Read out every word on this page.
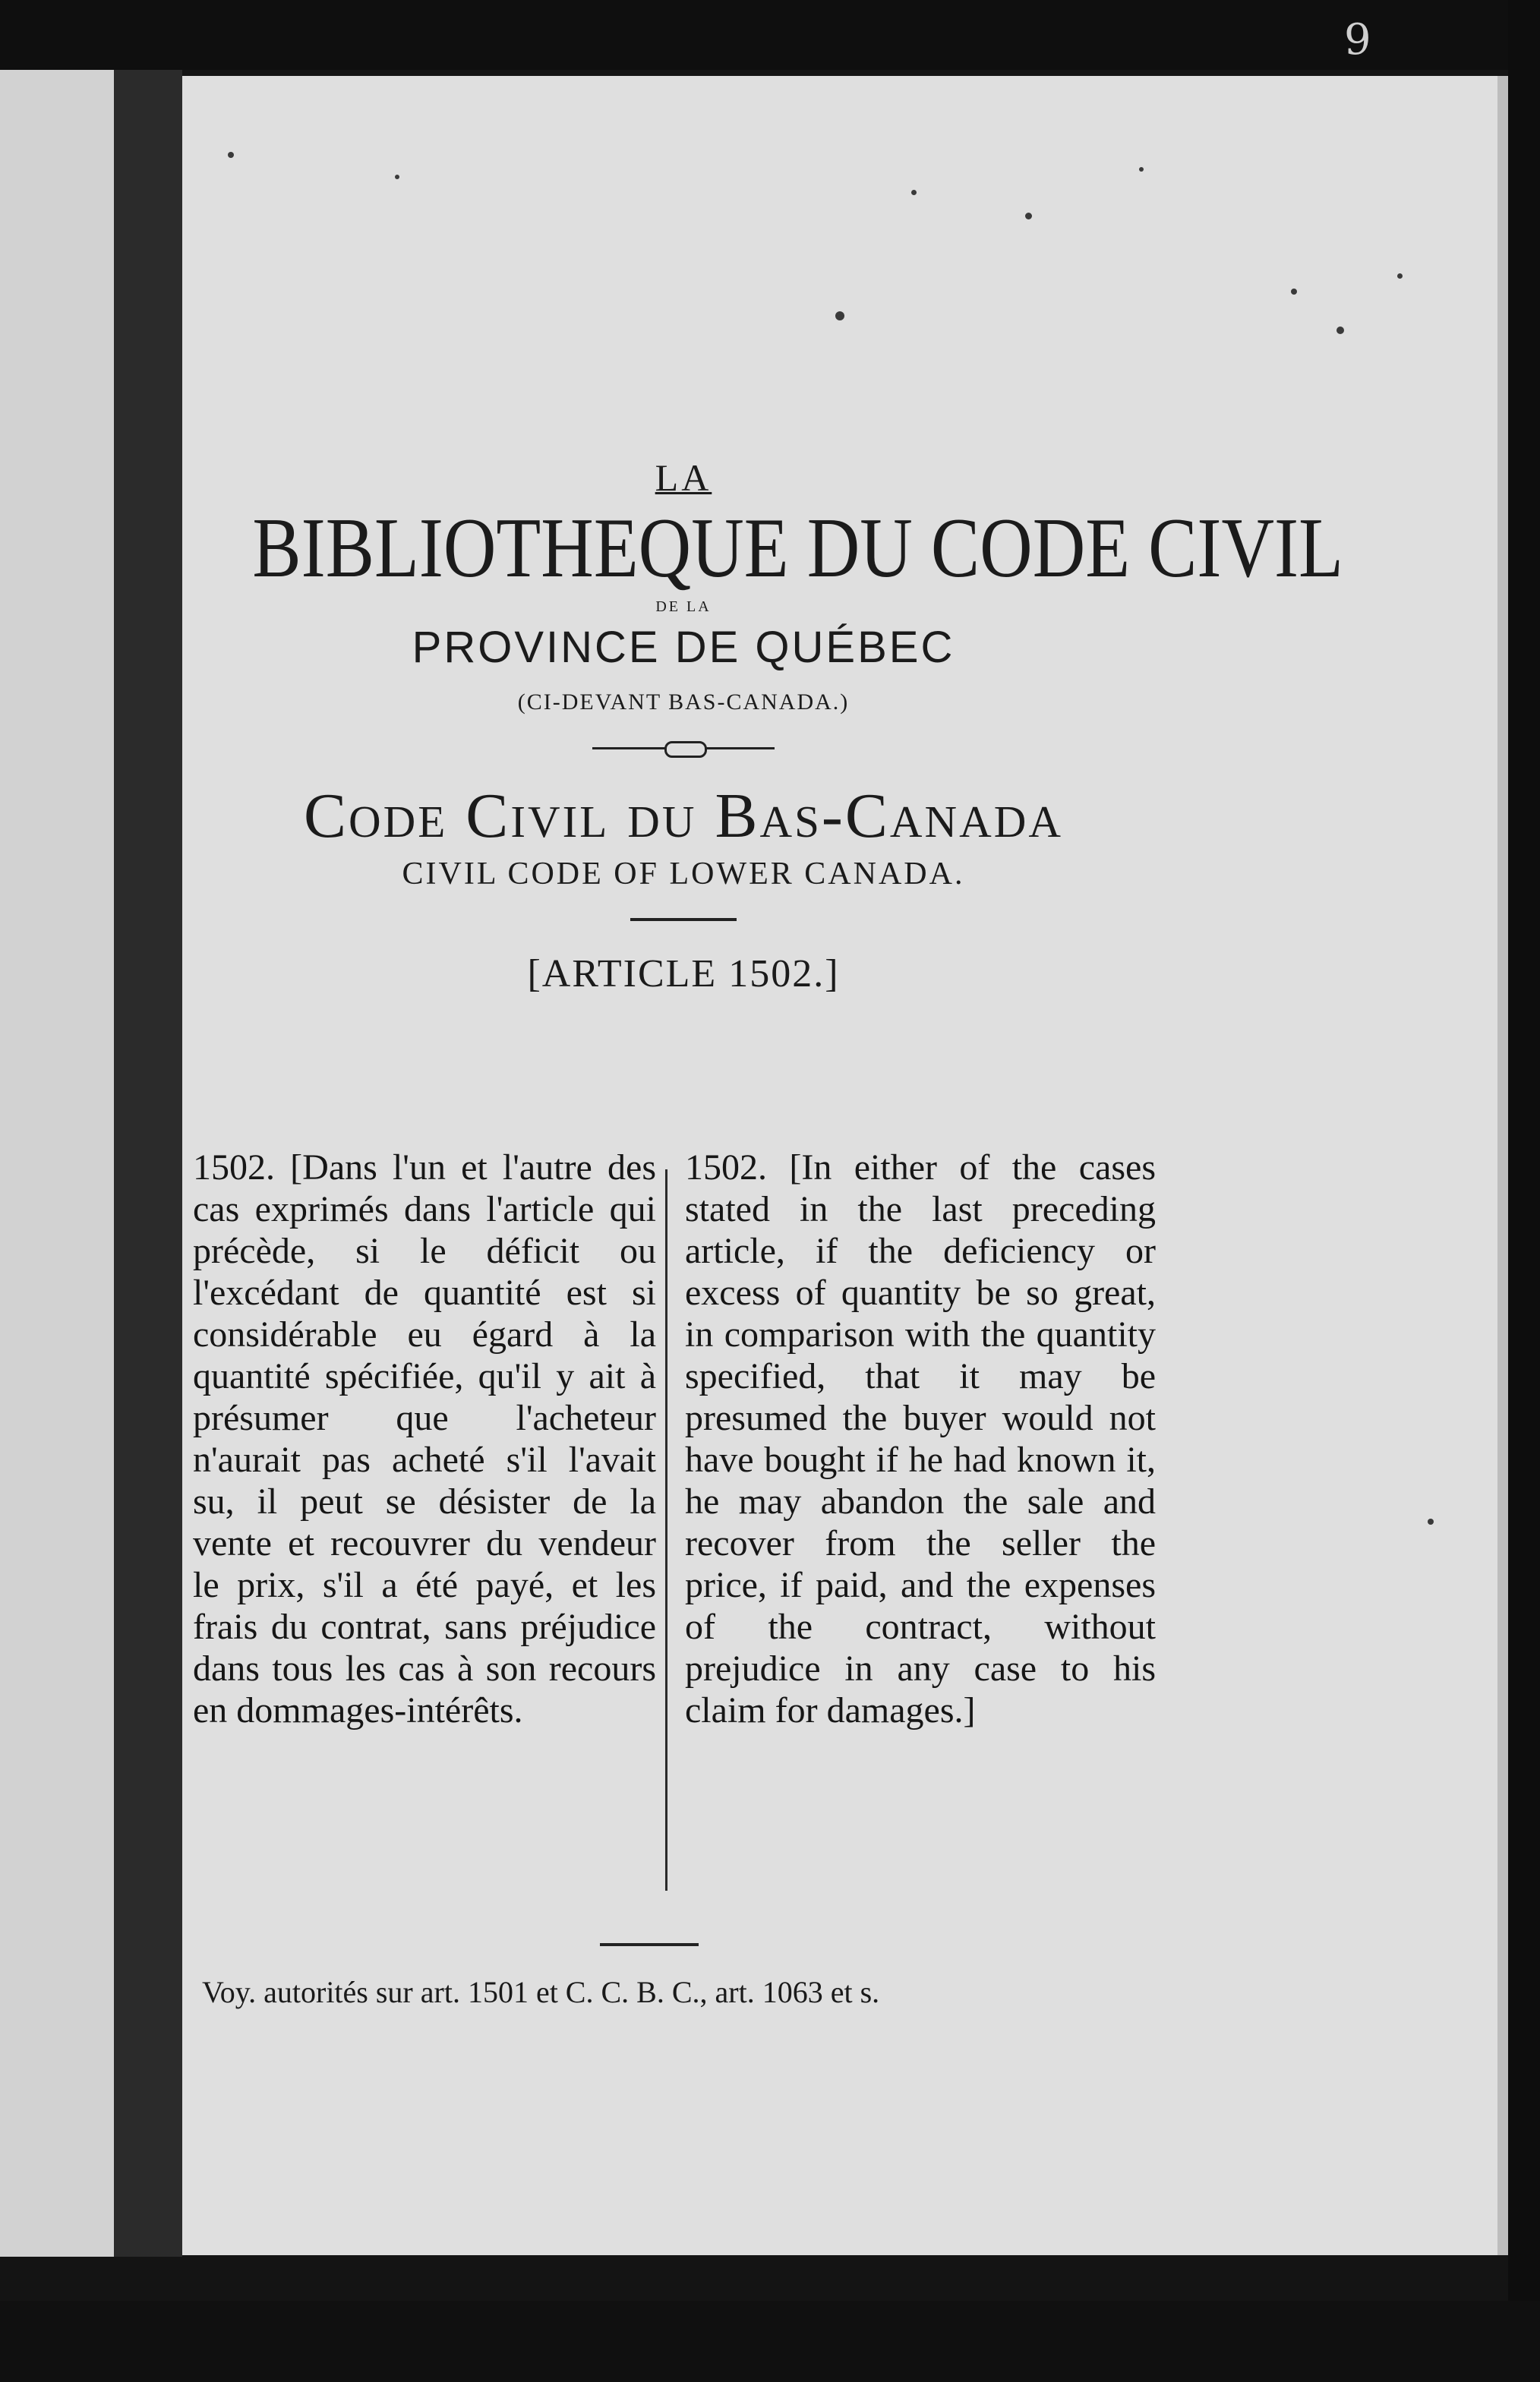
9
LA
BIBLIOTHEQUE DU CODE CIVIL
DE LA
PROVINCE DE QUÉBEC
(CI-DEVANT BAS-CANADA.)
Code Civil du Bas-Canada
CIVIL CODE OF LOWER CANADA.
[ARTICLE 1502.]
1502. [Dans l'un et l'autre des cas exprimés dans l'article qui précède, si le déficit ou l'excédant de quantité est si considérable eu égard à la quantité spécifiée, qu'il y ait à présumer que l'acheteur n'aurait pas acheté s'il l'avait su, il peut se désister de la vente et recouvrer du vendeur le prix, s'il a été payé, et les frais du contrat, sans préjudice dans tous les cas à son recours en dommages-intérêts.
1502. [In either of the cases stated in the last preceding article, if the deficiency or excess of quantity be so great, in comparison with the quantity specified, that it may be presumed the buyer would not have bought if he had known it, he may abandon the sale and recover from the seller the price, if paid, and the expenses of the contract, without prejudice in any case to his claim for damages.]
Voy. autorités sur art. 1501 et C. C. B. C., art. 1063 et s.
